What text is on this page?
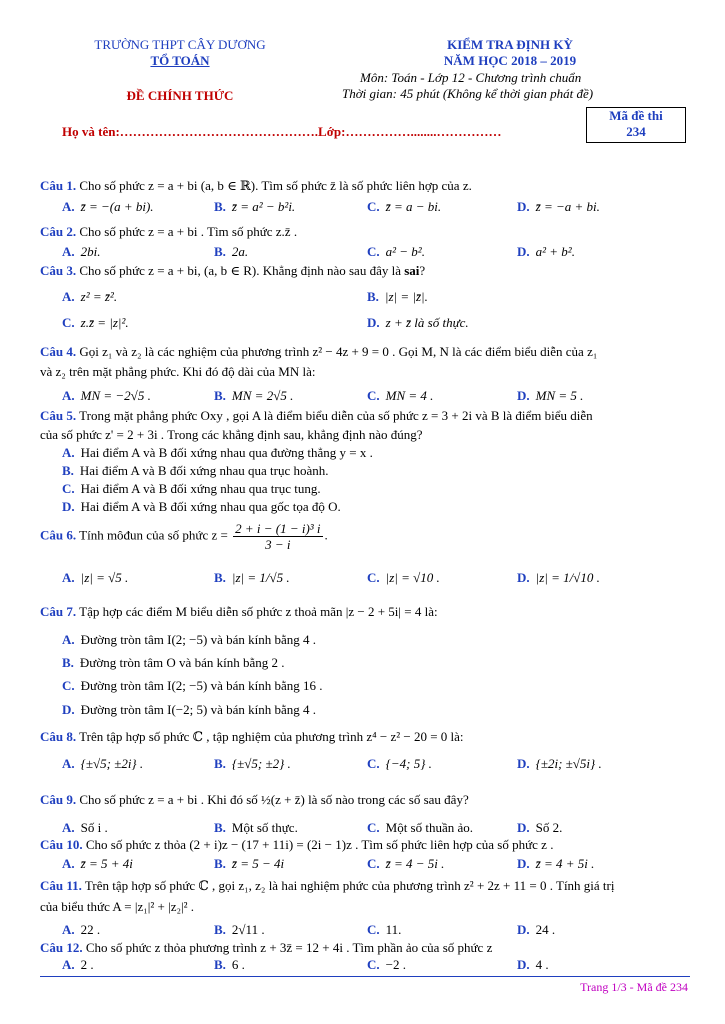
TRƯỜNG THPT CÂY DƯƠNG
TỔ TOÁN
ĐỀ CHÍNH THỨC
KIỂM TRA ĐỊNH KỲ
NĂM HỌC 2018 – 2019
Môn: Toán - Lớp 12 - Chương trình chuẩn
Thời gian: 45 phút (Không kể thời gian phát đề)
Mã đề thi
234
Họ và tên:……………………………………….Lớp:……………........……………
Câu 1. Cho số phức z = a + bi (a, b ∈ ℝ). Tìm số phức z̄ là số phức liên hợp của z.
A. z̄ = −(a + bi).	B. z̄ = a² − b²i.	C. z̄ = a − bi.	D. z̄ = −a + bi.
Câu 2. Cho số phức z = a + bi . Tìm số phức z.z̄ .
A. 2bi.	B. 2a.	C. a² − b².	D. a² + b².
Câu 3. Cho số phức z = a + bi, (a, b ∈ R). Khẳng định nào sau đây là sai?
A. z² = z̄².	B. |z| = |z̄|.
C. z.z̄ = |z|².	D. z + z̄ là số thực.
Câu 4. Gọi z₁ và z₂ là các nghiệm của phương trình z² − 4z + 9 = 0 . Gọi M, N là các điểm biểu diễn của z₁
và z₂ trên mặt phẳng phức. Khi đó độ dài của MN là:
A. MN = −2√5 .	B. MN = 2√5 .	C. MN = 4 .	D. MN = 5 .
Câu 5. Trong mặt phẳng phức Oxy , gọi A là điểm biểu diễn của số phức z = 3 + 2i và B là điểm biểu diễn
của số phức z' = 2 + 3i . Trong các khẳng định sau, khẳng định nào đúng?
A. Hai điểm A và B đối xứng nhau qua đường thẳng y = x .
B. Hai điểm A và B đối xứng nhau qua trục hoành.
C. Hai điểm A và B đối xứng nhau qua trục tung.
D. Hai điểm A và B đối xứng nhau qua gốc tọa độ O.
Câu 6. Tính môđun của số phức $z = \frac{\text{2 + i − (1 − i)³ i}}{3 - i}$ .
A. |z| = √5 .	B. |z| = 1/√5 .	C. |z| = √10 .	D. |z| = 1/√10 .
Câu 7. Tập hợp các điểm M biểu diễn số phức z thoả mãn |z − 2 + 5i| = 4 là:
A. Đường tròn tâm I(2; −5) và bán kính bằng 4 .
B. Đường tròn tâm O và bán kính bằng 2 .
C. Đường tròn tâm I(2; −5) và bán kính bằng 16 .
D. Đường tròn tâm I(−2; 5) và bán kính bằng 4 .
Câu 8. Trên tập hợp số phức ℂ , tập nghiệm của phương trình z⁴ − z² − 20 = 0 là:
A. {±√5; ±2i} .	B. {±√5; ±2} .	C. {−4; 5} .	D. {±2i; ±√5i} .
Câu 9. Cho số phức z = a + bi . Khi đó số ½(z + z̄) là số nào trong các số sau đây?
A. Số i .	B. Một số thực.	C. Một số thuần ảo.	D. Số 2.
Câu 10. Cho số phức z thỏa (2 + i)z − (17 + 11i) = (2i − 1)z . Tìm số phức liên hợp của số phức z .
A. z̄ = 5 + 4i	B. z̄ = 5 − 4i	C. z̄ = 4 − 5i .	D. z̄ = 4 + 5i .
Câu 11. Trên tập hợp số phức ℂ , gọi z₁, z₂ là hai nghiệm phức của phương trình z² + 2z + 11 = 0 . Tính giá trị
của biểu thức A = |z₁|² + |z₂|² .
A. 22 .	B. 2√11 .	C. 11.	D. 24 .
Câu 12. Cho số phức z thỏa phương trình z + 3z̄ = 12 + 4i . Tìm phần ảo của số phức z
A. 2 .	B. 6 .	C. −2 .	D. 4 .
Trang 1/3 - Mã đề 234
